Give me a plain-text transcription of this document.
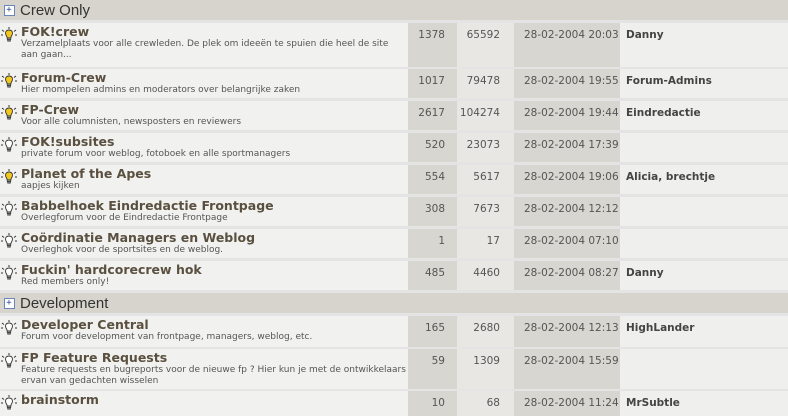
+ Crew Only
FOK!crew
Verzamelplaats voor alle crewleden. De plek om ideeën te spuien die heel de site aan gaan...
1378	65592 28-02-2004 20:03 Danny
Forum-Crew
Hier mompelen admins en moderators over belangrijke zaken
1017	79478 28-02-2004 19:55 Forum-Admins
FP-Crew
Voor alle columnisten, newsposters en reviewers
2617 104274 28-02-2004 19:44 Eindredactie
FOK!subsites
private forum voor weblog, fotoboek en alle sportmanagers
520	23073 28-02-2004 17:39
Planet of the Apes
aapjes kijken
554	5617 28-02-2004 19:06 Alicia, brechtje
Babbelhoek Eindredactie Frontpage
Overlegforum voor de Eindredactie Frontpage
308	7673 28-02-2004 12:12
Coördinatie Managers en Weblog
Overleghok voor de sportsites en de weblog.
1	17 28-02-2004 07:10
Fuckin' hardcorecrew hok
Red members only!
485	4460 28-02-2004 08:27 Danny
+ Development
Developer Central
Forum voor development van frontpage, managers, weblog, etc.
165	2680 28-02-2004 12:13 HighLander
FP Feature Requests
Feature requests en bugreports voor de nieuwe fp ? Hier kun je met de ontwikkelaars ervan van gedachten wisselen
59	1309 28-02-2004 15:59
brainstorm	10	68 28-02-2004 11:24 MrSubtle
